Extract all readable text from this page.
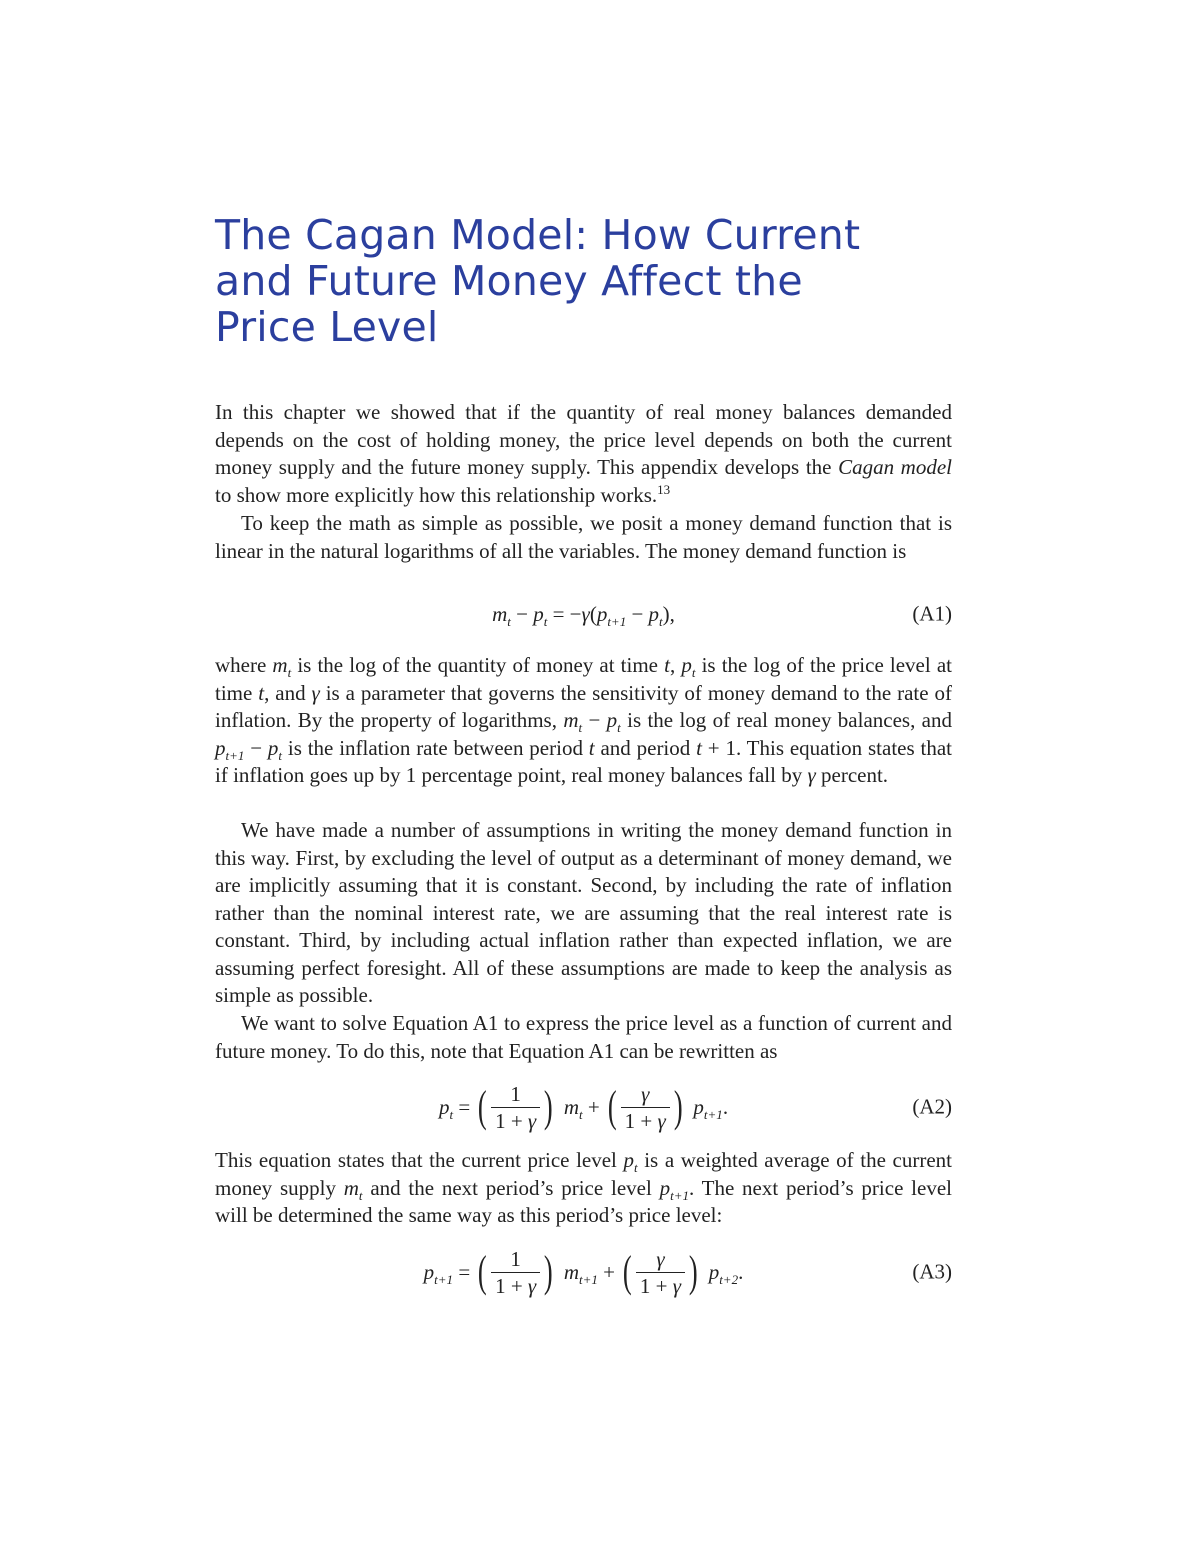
The Cagan Model: How Current
and Future Money Affect the
Price Level

In this chapter we showed that if the quantity of real money balances demanded depends on the cost of holding money, the price level depends on both the current money supply and the future money supply. This appendix develops the Cagan model to show more explicitly how this relationship works.$^{13}$

To keep the math as simple as possible, we posit a money demand function that is linear in the natural logarithms of all the variables. The money demand function is

$m_t - p_t$ = − γ ( $p_{t+1} - p_t$ ),	(A1)

where $m_t$ is the log of the quantity of money at time t, $p_t$ is the log of the price level at time t, and γ is a parameter that governs the sensitivity of money demand to the rate of inflation. By the property of logarithms, $m_t - p_t$ is the log of real money balances, and $p_{t+1} - p_t$ is the inflation rate between period t and period t + 1. This equation states that if inflation goes up by 1 percentage point, real money balances fall by γ percent.

We have made a number of assumptions in writing the money demand function in this way. First, by excluding the level of output as a determinant of money demand, we are implicitly assuming that it is constant. Second, by including the rate of inflation rather than the nominal interest rate, we are assuming that the real interest rate is constant. Third, by including actual inflation rather than expected inflation, we are assuming perfect foresight. All of these assumptions are made to keep the analysis as simple as possible.

We want to solve Equation A1 to express the price level as a function of current and future money. To do this, note that Equation A1 can be rewritten as

$p_t$ = ( $\frac{1}{1 + \gamma}$ ) $m_t$ + ( $\frac{\gamma}{1 + \gamma}$ ) $p_{t+1}$ .	(A2)

This equation states that the current price level $p_t$ is a weighted average of the current money supply $m_t$ and the next period’s price level $p_{t+1}$. The next period’s price level will be determined the same way as this period’s price level:

$p_{t+1}$ = ( $\frac{1}{1 + \gamma}$ ) $m_{t+1}$ + ( $\frac{\gamma}{1 + \gamma}$ ) $p_{t+2}$ .	(A3)
